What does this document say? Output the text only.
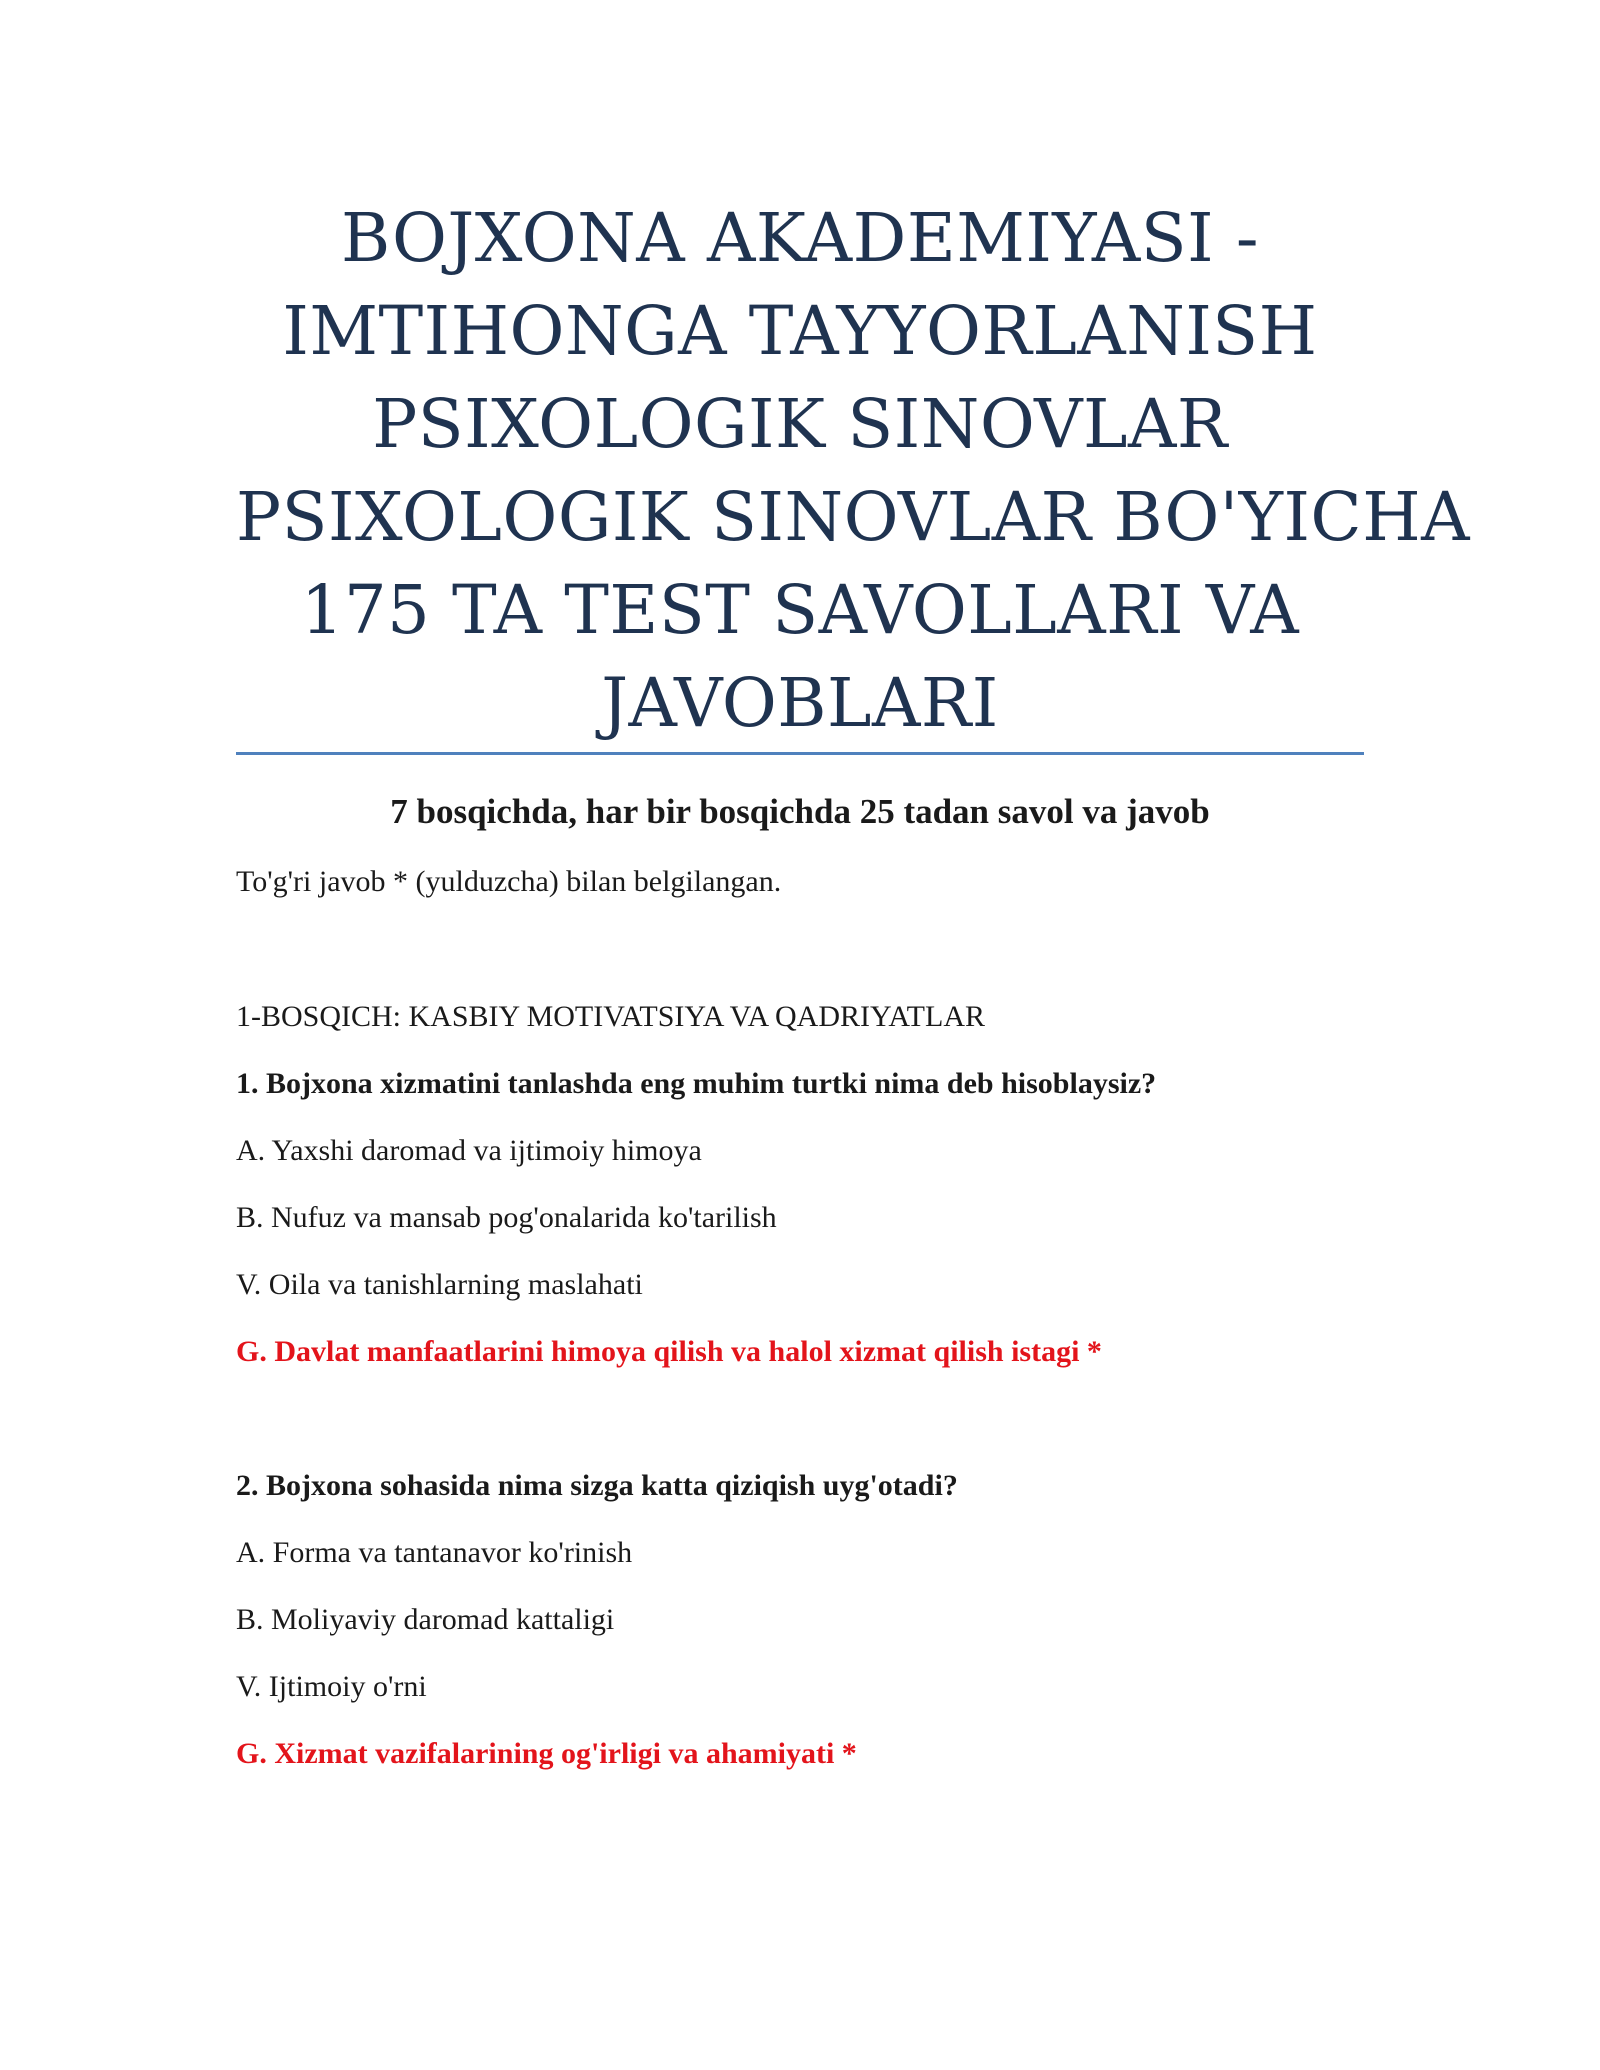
BOJXONA AKADEMIYASI -
IMTIHONGA TAYYORLANISH
PSIXOLOGIK SINOVLAR
PSIXOLOGIK SINOVLAR BO'YICHA
175 TA TEST SAVOLLARI VA
JAVOBLARI
7 bosqichda, har bir bosqichda 25 tadan savol va javob
To'g'ri javob * (yulduzcha) bilan belgilangan.
1-BOSQICH: KASBIY MOTIVATSIYA VA QADRIYATLAR
1. Bojxona xizmatini tanlashda eng muhim turtki nima deb hisoblaysiz?
A. Yaxshi daromad va ijtimoiy himoya
B. Nufuz va mansab pog'onalarida ko'tarilish
V. Oila va tanishlarning maslahati
G. Davlat manfaatlarini himoya qilish va halol xizmat qilish istagi *
2. Bojxona sohasida nima sizga katta qiziqish uyg'otadi?
A. Forma va tantanavor ko'rinish
B. Moliyaviy daromad kattaligi
V. Ijtimoiy o'rni
G. Xizmat vazifalarining og'irligi va ahamiyati *
